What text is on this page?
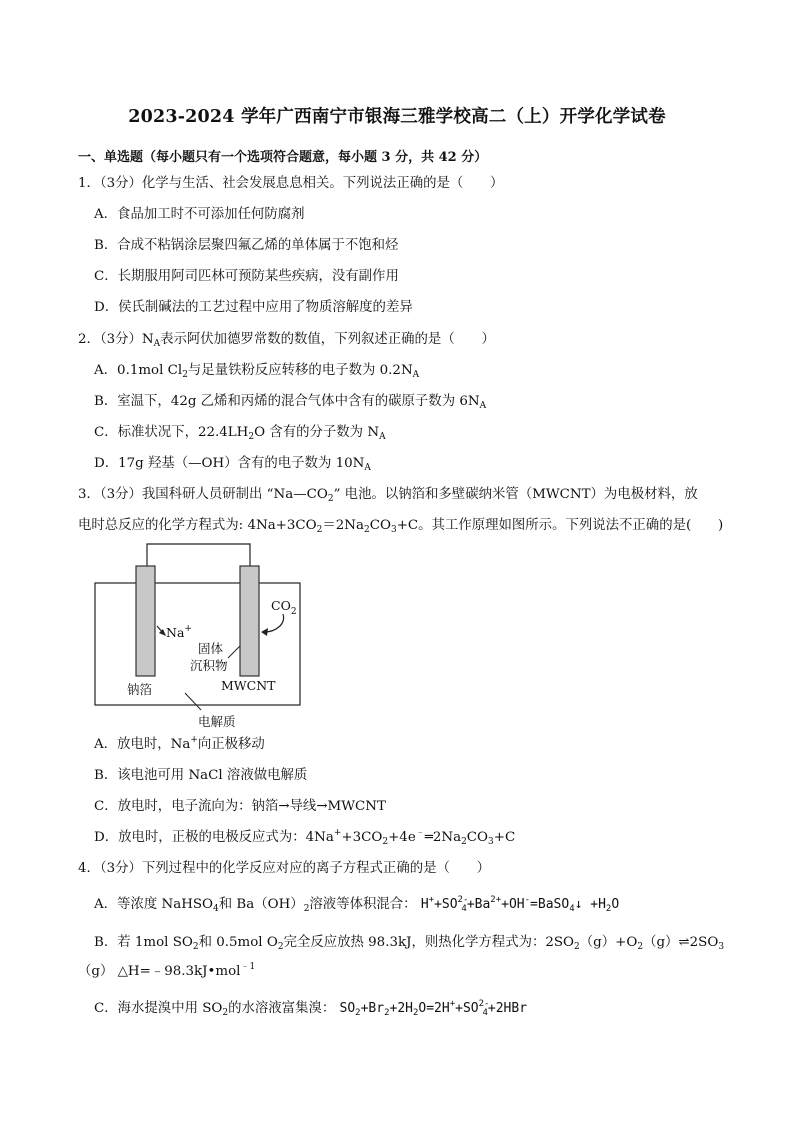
2023-2024 学年广西南宁市银海三雅学校高二（上）开学化学试卷
一、单选题（每小题只有一个选项符合题意，每小题 3 分，共 42 分）
1．（3分）化学与生活、社会发展息息相关。下列说法正确的是（　　）
A．食品加工时不可添加任何防腐剂
B．合成不粘锅涂层聚四氟乙烯的单体属于不饱和烃
C．长期服用阿司匹林可预防某些疾病，没有副作用
D．侯氏制碱法的工艺过程中应用了物质溶解度的差异
2．（3分）$N_A$表示阿伏加德罗常数的数值，下列叙述正确的是（　　）
A．0.1mol $Cl_2$与足量铁粉反应转移的电子数为 $0.2N_A$
B．室温下，42g 乙烯和丙烯的混合气体中含有的碳原子数为 $6N_A$
C．标准状况下，$22.4LH_2O$ 含有的分子数为 $N_A$
D．17g 羟基（—OH）含有的电子数为 $10N_A$
3．（3分）我国科研人员研制出 “$Na—CO_2$” 电池。以钠箔和多壁碳纳米管（MWCNT）为电极材料，放
电时总反应的化学方程式为: $4Na+3CO_2=2Na_2CO_3+C$。其工作原理如图所示。下列说法不正确的是(　　)
Na+
$CO_2$
固体
沉积物
钠箔	MWCNT
电解质
A．放电时，Na+向正极移动
B．该电池可用 NaCl 溶液做电解质
C．放电时，电子流向为：钠箔→导线→MWCNT
D．放电时，正极的电极反应式为：$4Na^++3CO_2+4e^﹣═2Na_2CO_3+C$
4．（3分）下列过程中的化学反应对应的离子方程式正确的是（　　）
A．等浓度 NaHSO$_4$和 $Ba(OH)_2$溶液等体积混合： $H^++SO^{2-}_4+Ba^{2+}+OH^-=BaSO_4↓ +H_2O$
B．若 1mol $SO_2$和 0.5mol $O_2$完全反应放热 98.3kJ，则热化学方程式为：$2SO_2(g)+O_2(g)\rightleftharpoons 2SO_3$
（g） △H=﹣98.3kJ•mol$^{﹣1}$
C．海水提溴中用 $SO_2$的水溶液富集溴： $SO_2+Br_2+2H_2O=2H^++SO^{2-}_4+2HBr$
